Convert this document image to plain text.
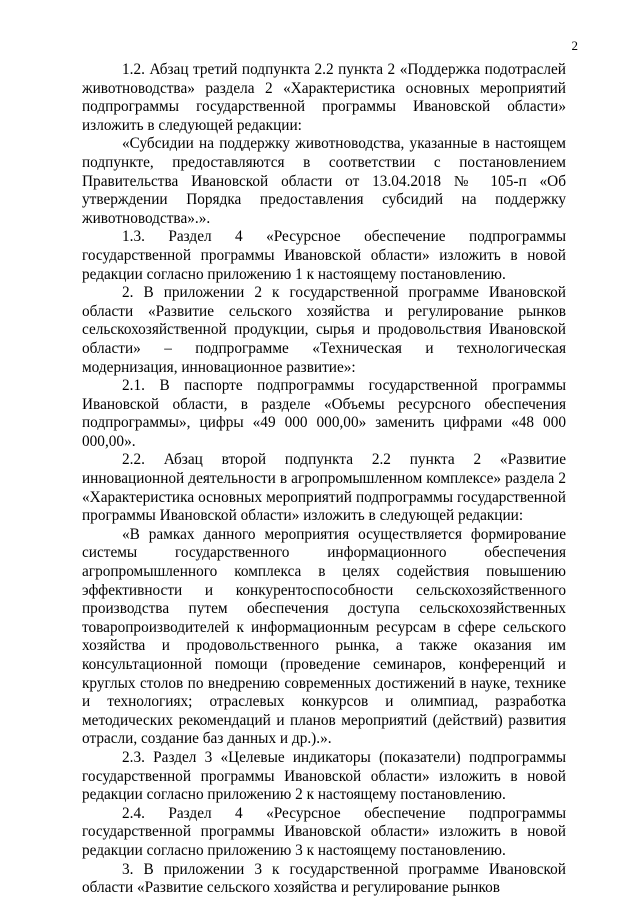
2

1.2. Абзац третий подпункта 2.2 пункта 2 «Поддержка подотраслей животноводства» раздела 2 «Характеристика основных мероприятий подпрограммы государственной программы Ивановской области» изложить в следующей редакции:

«Субсидии на поддержку животноводства, указанные в настоящем подпункте, предоставляются в соответствии с постановлением Правительства Ивановской области от 13.04.2018 № 105-п «Об утверждении Порядка предоставления субсидий на поддержку животноводства».».

1.3. Раздел 4 «Ресурсное обеспечение подпрограммы государственной программы Ивановской области» изложить в новой редакции согласно приложению 1 к настоящему постановлению.

2. В приложении 2 к государственной программе Ивановской области «Развитие сельского хозяйства и регулирование рынков сельскохозяйственной продукции, сырья и продовольствия Ивановской области» – подпрограмме «Техническая и технологическая модернизация, инновационное развитие»:

2.1. В паспорте подпрограммы государственной программы Ивановской области, в разделе «Объемы ресурсного обеспечения подпрограммы», цифры «49 000 000,00» заменить цифрами «48 000 000,00».

2.2. Абзац второй подпункта 2.2 пункта 2 «Развитие инновационной деятельности в агропромышленном комплексе» раздела 2 «Характеристика основных мероприятий подпрограммы государственной программы Ивановской области» изложить в следующей редакции:

«В рамках данного мероприятия осуществляется формирование системы государственного информационного обеспечения агропромышленного комплекса в целях содействия повышению эффективности и конкурентоспособности сельскохозяйственного производства путем обеспечения доступа сельскохозяйственных товаропроизводителей к информационным ресурсам в сфере сельского хозяйства и продовольственного рынка, а также оказания им консультационной помощи (проведение семинаров, конференций и круглых столов по внедрению современных достижений в науке, технике и технологиях; отраслевых конкурсов и олимпиад, разработка методических рекомендаций и планов мероприятий (действий) развития отрасли, создание баз данных и др.).».

2.3. Раздел 3 «Целевые индикаторы (показатели) подпрограммы государственной программы Ивановской области» изложить в новой редакции согласно приложению 2 к настоящему постановлению.

2.4. Раздел 4 «Ресурсное обеспечение подпрограммы государственной программы Ивановской области» изложить в новой редакции согласно приложению 3 к настоящему постановлению.

3. В приложении 3 к государственной программе Ивановской области «Развитие сельского хозяйства и регулирование рынков
